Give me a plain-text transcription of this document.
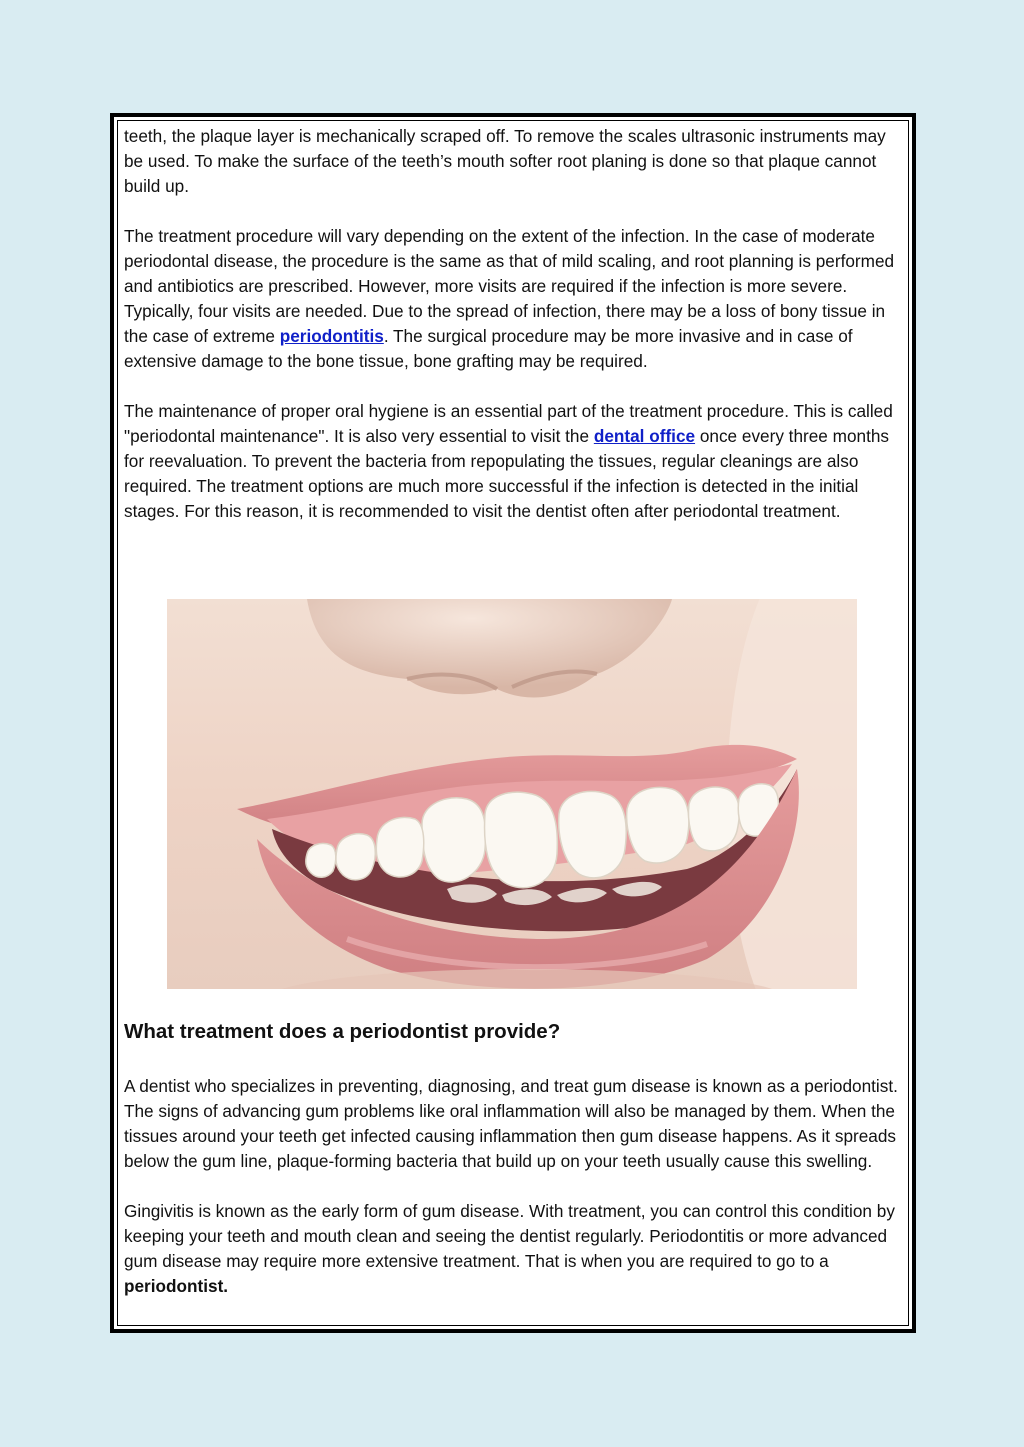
teeth, the plaque layer is mechanically scraped off. To remove the scales ultrasonic instruments may be used. To make the surface of the teeth’s mouth softer root planing is done so that plaque cannot build up.

The treatment procedure will vary depending on the extent of the infection. In the case of moderate periodontal disease, the procedure is the same as that of mild scaling, and root planning is performed and antibiotics are prescribed. However, more visits are required if the infection is more severe. Typically, four visits are needed. Due to the spread of infection, there may be a loss of bony tissue in the case of extreme periodontitis. The surgical procedure may be more invasive and in case of extensive damage to the bone tissue, bone grafting may be required.

The maintenance of proper oral hygiene is an essential part of the treatment procedure. This is called "periodontal maintenance". It is also very essential to visit the dental office once every three months for reevaluation. To prevent the bacteria from repopulating the tissues, regular cleanings are also required. The treatment options are much more successful if the infection is detected in the initial stages. For this reason, it is recommended to visit the dentist often after periodontal treatment.

What treatment does a periodontist provide?

A dentist who specializes in preventing, diagnosing, and treat gum disease is known as a periodontist. The signs of advancing gum problems like oral inflammation will also be managed by them. When the tissues around your teeth get infected causing inflammation then gum disease happens. As it spreads below the gum line, plaque-forming bacteria that build up on your teeth usually cause this swelling.

Gingivitis is known as the early form of gum disease. With treatment, you can control this condition by keeping your teeth and mouth clean and seeing the dentist regularly. Periodontitis or more advanced gum disease may require more extensive treatment. That is when you are required to go to a periodontist.
